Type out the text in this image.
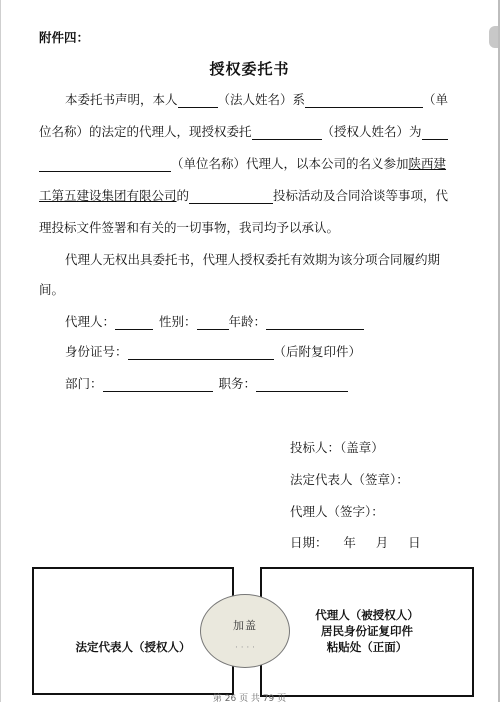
附件四：
授权委托书
本委托书声明，本人	（法人姓名）系	（单
位名称）的法定的代理人，现授权委托	（授权人姓名）为
（单位名称）代理人，以本公司的名义参加陕西建
工第五建设集团有限公司的	投标活动及合同洽谈等事项，代
理投标文件签署和有关的一切事物，我司均予以承认。
代理人无权出具委托书，代理人授权委托有效期为该分项合同履约期
间。
代理人：	性别：	年龄：
身份证号：	（后附复印件）
部门：	职务：
投标人：（盖章）
法定代表人（签章）：
代理人（签字）：
日期：    年     月     日
法定代表人（授权人）
代理人（被授权人）
居民身份证复印件
粘贴处（正面）
加盖
· · · ·
第 26 页 共 79 页
